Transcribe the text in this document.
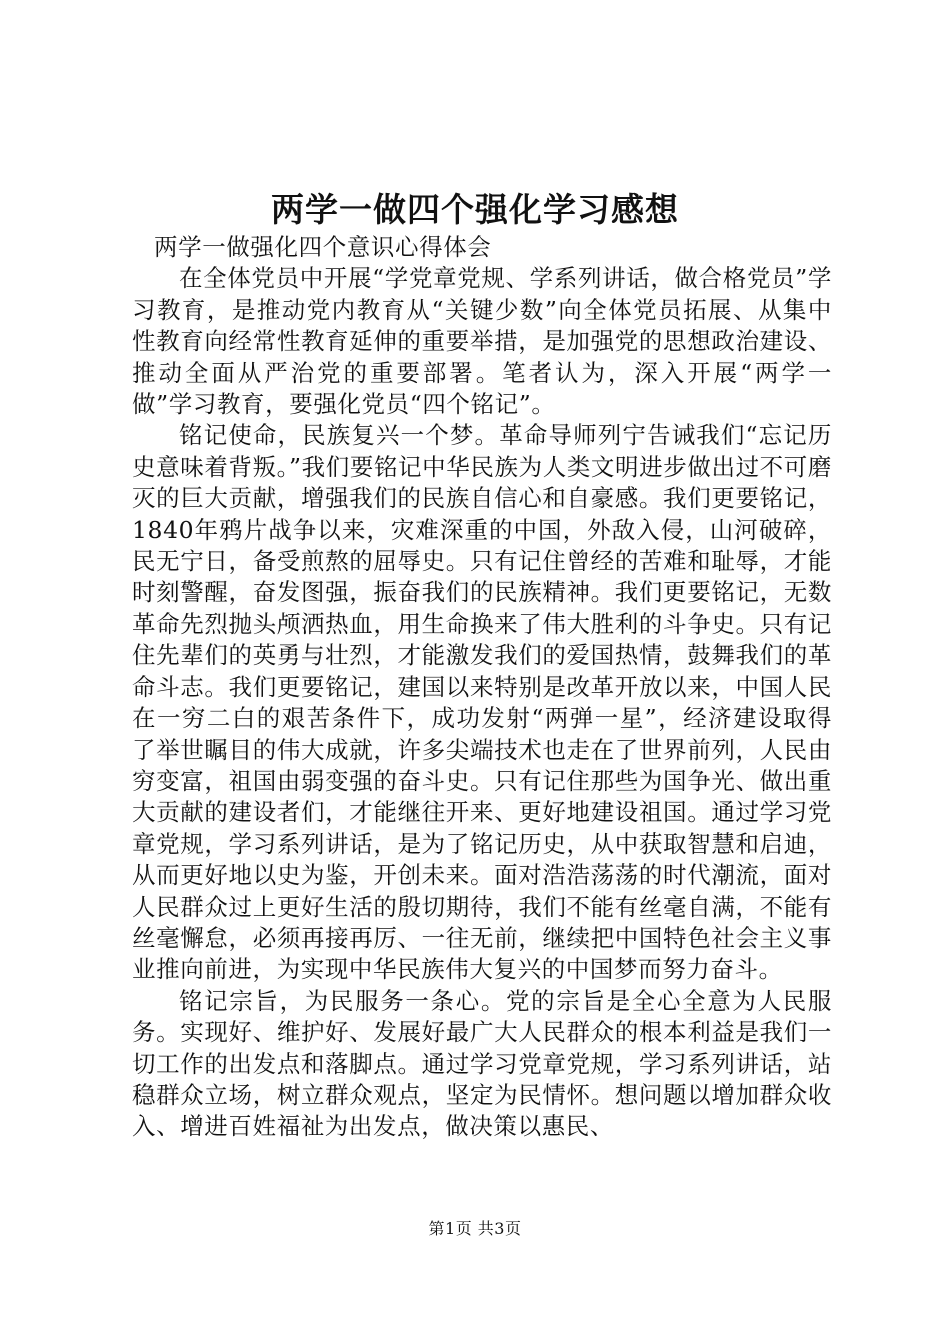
两学一做四个强化学习感想

两学一做强化四个意识心得体会

在全体党员中开展“学党章党规、学系列讲话，做合格党员”学习教育，是推动党内教育从“关键少数”向全体党员拓展、从集中性教育向经常性教育延伸的重要举措，是加强党的思想政治建设、推动全面从严治党的重要部署。笔者认为，深入开展“两学一做”学习教育，要强化党员“四个铭记”。

铭记使命，民族复兴一个梦。革命导师列宁告诫我们“忘记历史意味着背叛。”我们要铭记中华民族为人类文明进步做出过不可磨灭的巨大贡献，增强我们的民族自信心和自豪感。我们更要铭记，1840年鸦片战争以来，灾难深重的中国，外敌入侵，山河破碎，民无宁日，备受煎熬的屈辱史。只有记住曾经的苦难和耻辱，才能时刻警醒，奋发图强，振奋我们的民族精神。我们更要铭记，无数革命先烈抛头颅洒热血，用生命换来了伟大胜利的斗争史。只有记住先辈们的英勇与壮烈，才能激发我们的爱国热情，鼓舞我们的革命斗志。我们更要铭记，建国以来特别是改革开放以来，中国人民在一穷二白的艰苦条件下，成功发射“两弹一星”，经济建设取得了举世瞩目的伟大成就，许多尖端技术也走在了世界前列，人民由穷变富，祖国由弱变强的奋斗史。只有记住那些为国争光、做出重大贡献的建设者们，才能继往开来、更好地建设祖国。通过学习党章党规，学习系列讲话，是为了铭记历史，从中获取智慧和启迪，从而更好地以史为鉴，开创未来。面对浩浩荡荡的时代潮流，面对人民群众过上更好生活的殷切期待，我们不能有丝毫自满，不能有丝毫懈怠，必须再接再厉、一往无前，继续把中国特色社会主义事业推向前进，为实现中华民族伟大复兴的中国梦而努力奋斗。

铭记宗旨，为民服务一条心。党的宗旨是全心全意为人民服务。实现好、维护好、发展好最广大人民群众的根本利益是我们一切工作的出发点和落脚点。通过学习党章党规，学习系列讲话，站稳群众立场，树立群众观点，坚定为民情怀。想问题以增加群众收入、增进百姓福祉为出发点，做决策以惠民、

第1页 共3页
